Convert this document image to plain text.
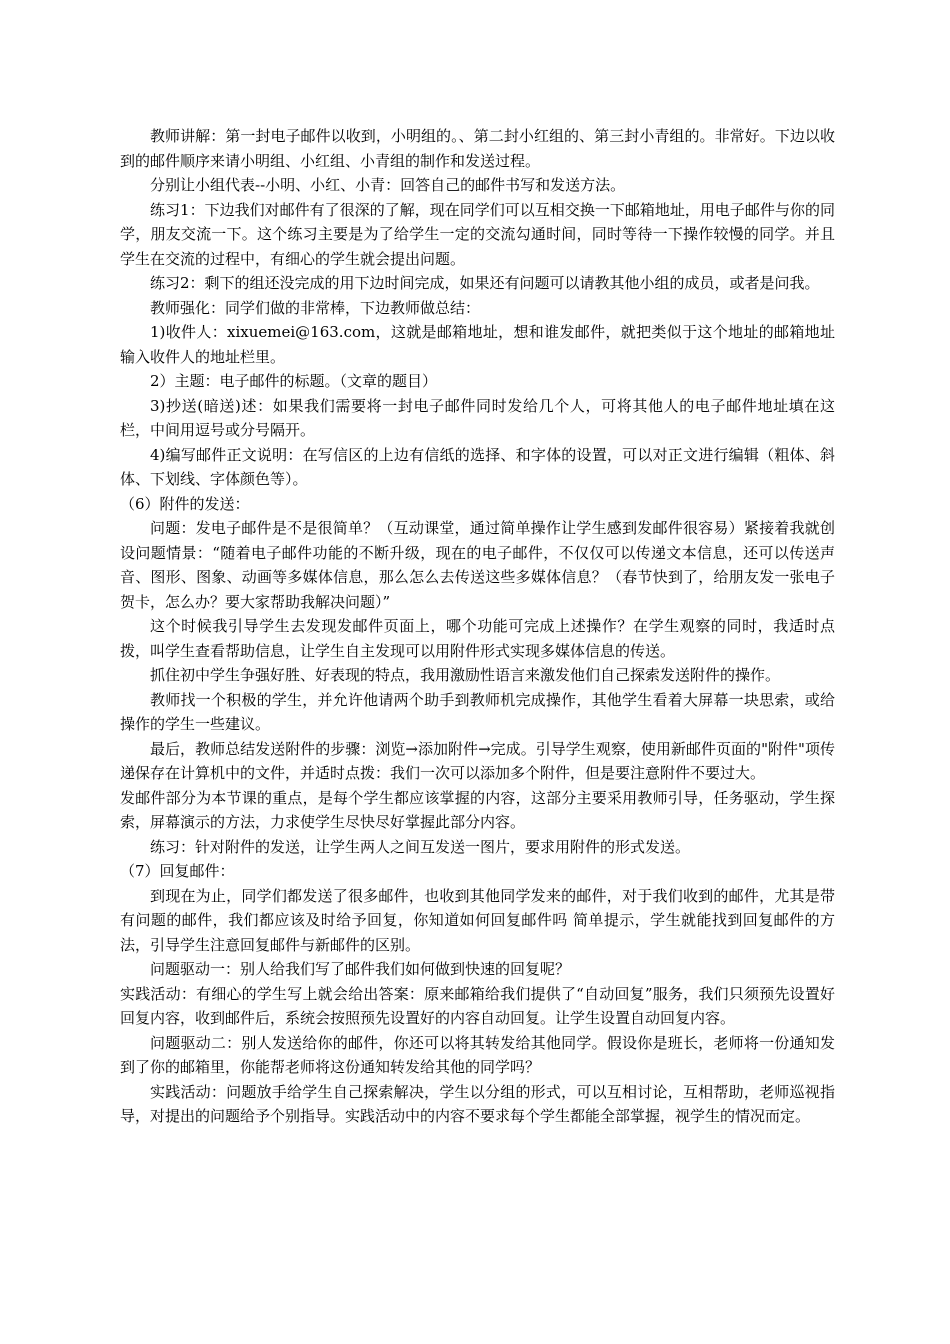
教师讲解：第一封电子邮件以收到，小明组的。、第二封小红组的、第三封小青组的。非常好。下边以收到的邮件顺序来请小明组、小红组、小青组的制作和发送过程。

分别让小组代表--小明、小红、小青：回答自己的邮件书写和发送方法。

练习1：下边我们对邮件有了很深的了解，现在同学们可以互相交换一下邮箱地址，用电子邮件与你的同学，朋友交流一下。这个练习主要是为了给学生一定的交流勾通时间，同时等待一下操作较慢的同学。并且学生在交流的过程中，有细心的学生就会提出问题。

练习2：剩下的组还没完成的用下边时间完成，如果还有问题可以请教其他小组的成员，或者是问我。

教师强化：同学们做的非常棒，下边教师做总结：

1)收件人：xixuemei@163.com，这就是邮箱地址，想和谁发邮件，就把类似于这个地址的邮箱地址输入收件人的地址栏里。

2）主题：电子邮件的标题。（文章的题目）

3)抄送(暗送)述：如果我们需要将一封电子邮件同时发给几个人，可将其他人的电子邮件地址填在这栏，中间用逗号或分号隔开。

4)编写邮件正文说明：在写信区的上边有信纸的选择、和字体的设置，可以对正文进行编辑（粗体、斜体、下划线、字体颜色等）。

（6）附件的发送：

问题：发电子邮件是不是很简单？（互动课堂，通过简单操作让学生感到发邮件很容易）紧接着我就创设问题情景：“随着电子邮件功能的不断升级，现在的电子邮件，不仅仅可以传递文本信息，还可以传送声音、图形、图象、动画等多媒体信息，那么怎么去传送这些多媒体信息？（春节快到了，给朋友发一张电子贺卡，怎么办？要大家帮助我解决问题）”

这个时候我引导学生去发现发邮件页面上，哪个功能可完成上述操作？在学生观察的同时，我适时点拨，叫学生查看帮助信息，让学生自主发现可以用附件形式实现多媒体信息的传送。

抓住初中学生争强好胜、好表现的特点，我用激励性语言来激发他们自己探索发送附件的操作。

教师找一个积极的学生，并允许他请两个助手到教师机完成操作，其他学生看着大屏幕一块思索，或给操作的学生一些建议。

最后，教师总结发送附件的步骤：浏览→添加附件→完成。引导学生观察，使用新邮件页面的"附件"项传递保存在计算机中的文件，并适时点拨：我们一次可以添加多个附件，但是要注意附件不要过大。

发邮件部分为本节课的重点，是每个学生都应该掌握的内容，这部分主要采用教师引导，任务驱动，学生探索，屏幕演示的方法，力求使学生尽快尽好掌握此部分内容。

练习：针对附件的发送，让学生两人之间互发送一图片，要求用附件的形式发送。

（7）回复邮件：

到现在为止，同学们都发送了很多邮件，也收到其他同学发来的邮件，对于我们收到的邮件，尤其是带有问题的邮件，我们都应该及时给予回复，你知道如何回复邮件吗 简单提示，学生就能找到回复邮件的方法，引导学生注意回复邮件与新邮件的区别。

问题驱动一：别人给我们写了邮件我们如何做到快速的回复呢？

实践活动：有细心的学生写上就会给出答案：原来邮箱给我们提供了“自动回复”服务，我们只须预先设置好回复内容，收到邮件后，系统会按照预先设置好的内容自动回复。让学生设置自动回复内容。

问题驱动二：别人发送给你的邮件，你还可以将其转发给其他同学。假设你是班长，老师将一份通知发到了你的邮箱里，你能帮老师将这份通知转发给其他的同学吗？

实践活动：问题放手给学生自己探索解决，学生以分组的形式，可以互相讨论，互相帮助，老师巡视指导，对提出的问题给予个别指导。实践活动中的内容不要求每个学生都能全部掌握，视学生的情况而定。
